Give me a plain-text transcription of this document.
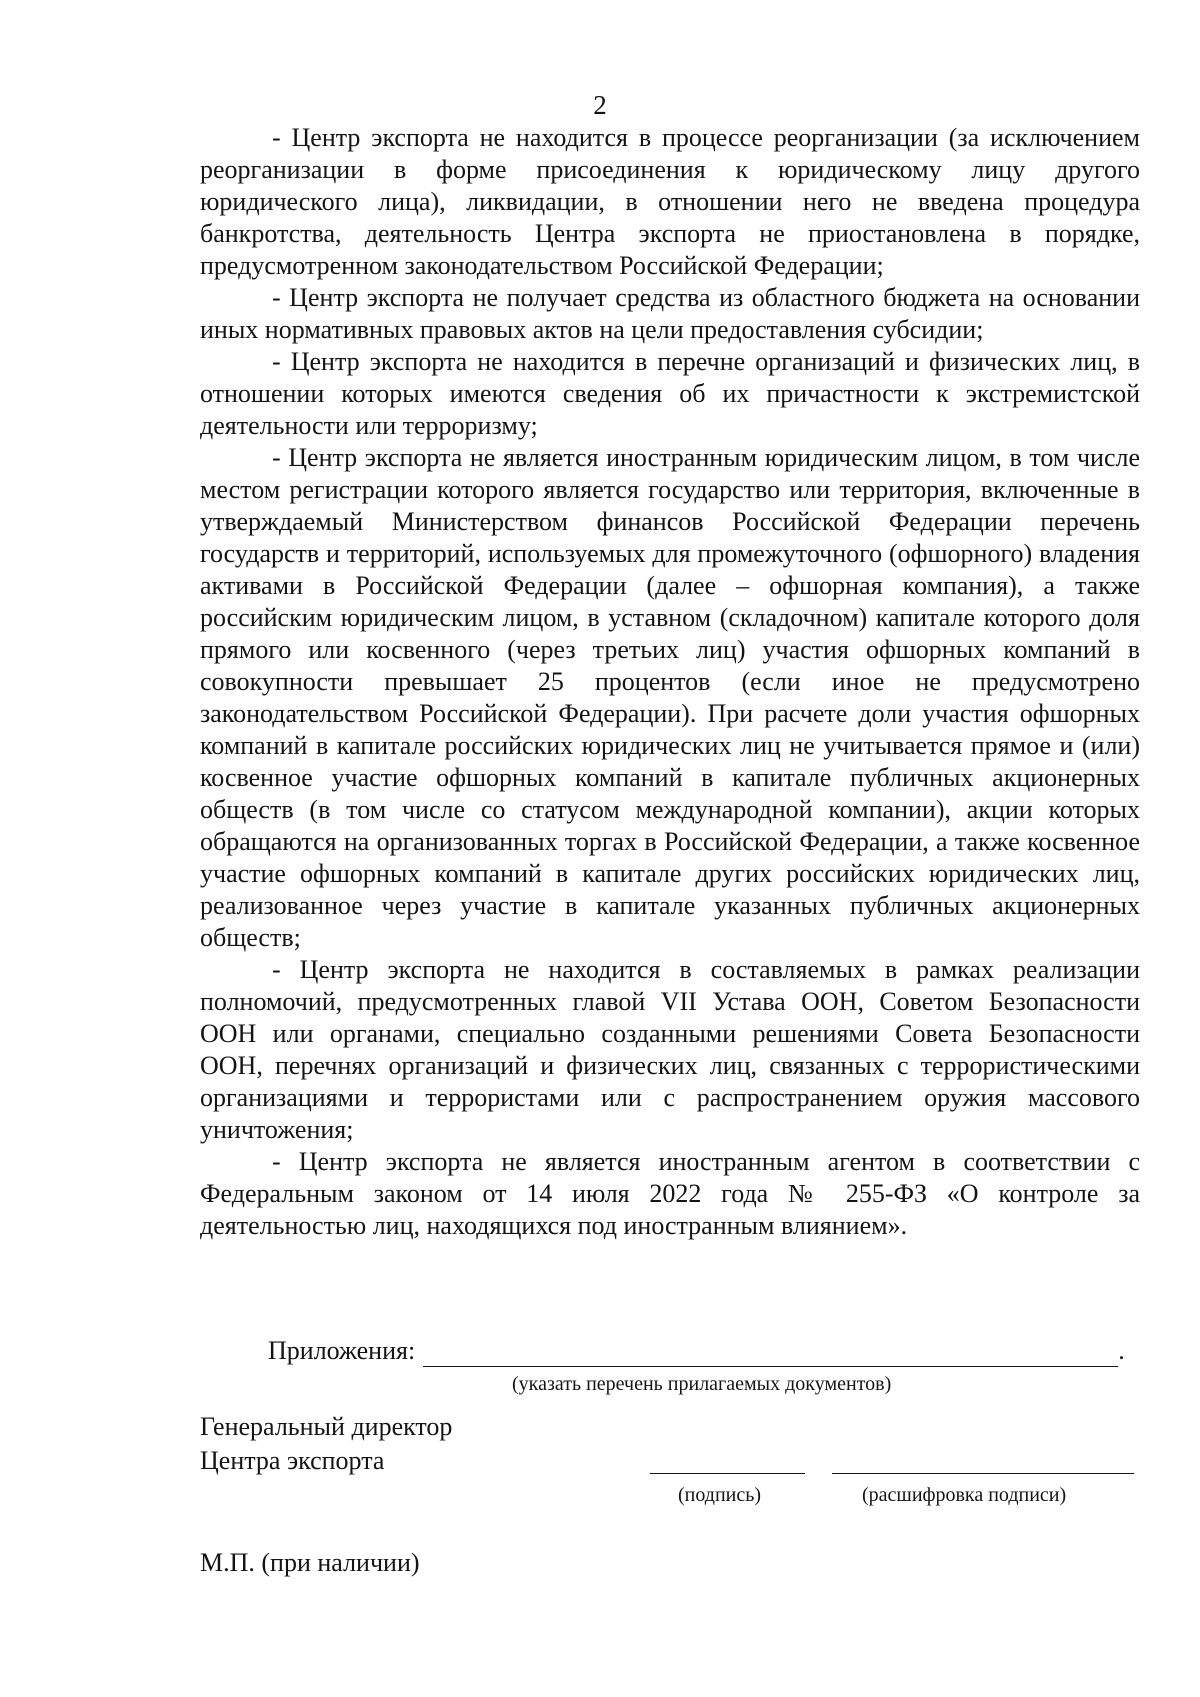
2

- Центр экспорта не находится в процессе реорганизации (за исключением реорганизации в форме присоединения к юридическому лицу другого юридического лица), ликвидации, в отношении него не введена процедура банкротства, деятельность Центра экспорта не приостановлена в порядке, предусмотренном законодательством Российской Федерации;

- Центр экспорта не получает средства из областного бюджета на основании иных нормативных правовых актов на цели предоставления субсидии;

- Центр экспорта не находится в перечне организаций и физических лиц, в отношении которых имеются сведения об их причастности к экстремистской деятельности или терроризму;

- Центр экспорта не является иностранным юридическим лицом, в том числе местом регистрации которого является государство или территория, включенные в утверждаемый Министерством финансов Российской Федерации перечень государств и территорий, используемых для промежуточного (офшорного) владения активами в Российской Федерации (далее – офшорная компания), а также российским юридическим лицом, в уставном (складочном) капитале которого доля прямого или косвенного (через третьих лиц) участия офшорных компаний в совокупности превышает 25 процентов (если иное не предусмотрено законодательством Российской Федерации). При расчете доли участия офшорных компаний в капитале российских юридических лиц не учитывается прямое и (или) косвенное участие офшорных компаний в капитале публичных акционерных обществ (в том числе со статусом международной компании), акции которых обращаются на организованных торгах в Российской Федерации, а также косвенное участие офшорных компаний в капитале других российских юридических лиц, реализованное через участие в капитале указанных публичных акционерных обществ;

- Центр экспорта не находится в составляемых в рамках реализации полномочий, предусмотренных главой VII Устава ООН, Советом Безопасности ООН или органами, специально созданными решениями Совета Безопасности ООН, перечнях организаций и физических лиц, связанных с террористическими организациями и террористами или с распространением оружия массового уничтожения;

- Центр экспорта не является иностранным агентом в соответствии с Федеральным законом от 14 июля 2022 года № 255-ФЗ «О контроле за деятельностью лиц, находящихся под иностранным влиянием».

Приложения:	.
(указать перечень прилагаемых документов)
Генеральный директор
Центра экспорта
(подпись)	(расшифровка подписи)
М.П. (при наличии)
